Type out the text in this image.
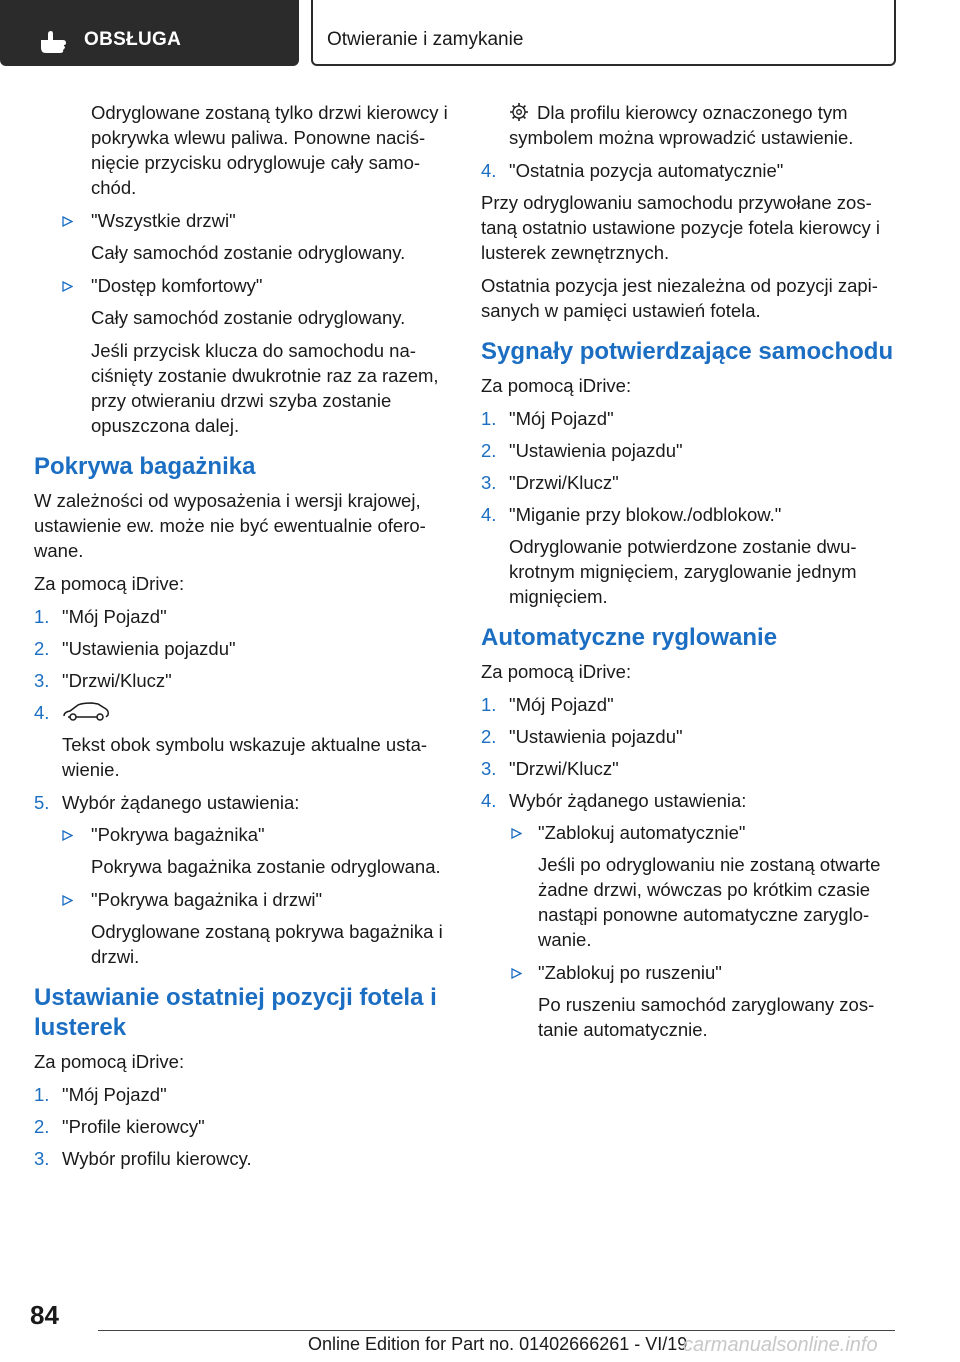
OBSŁUGA	Otwieranie i zamykanie

Odryglowane zostaną tylko drzwi kierowcy i pokrywka wlewu paliwa. Ponowne naciś- nięcie przycisku odryglowuje cały samo- chód.

"Wszystkie drzwi"

Cały samochód zostanie odryglowany.

"Dostęp komfortowy"

Cały samochód zostanie odryglowany.

Jeśli przycisk klucza do samochodu na- ciśnięty zostanie dwukrotnie raz za razem, przy otwieraniu drzwi szyba zostanie opuszczona dalej.

Pokrywa bagażnika

W zależności od wyposażenia i wersji krajowej, ustawienie ew. może nie być ewentualnie ofero- wane.

Za pomocą iDrive:

1. "Mój Pojazd"
2. "Ustawienia pojazdu"
3. "Drzwi/Klucz"
4.

Tekst obok symbolu wskazuje aktualne usta- wienie.

5. Wybór żądanego ustawienia:
"Pokrywa bagażnika"

Pokrywa bagażnika zostanie odryglowana.

"Pokrywa bagażnika i drzwi"

Odryglowane zostaną pokrywa bagażnika i drzwi.

Ustawianie ostatniej pozycji fotela i lusterek

Za pomocą iDrive:

1. "Mój Pojazd"
2. "Profile kierowcy"
3. Wybór profilu kierowcy.

Dla profilu kierowcy oznaczonego tym symbolem można wprowadzić ustawienie.

4. "Ostatnia pozycja automatycznie"

Przy odryglowaniu samochodu przywołane zos- taną ostatnio ustawione pozycje fotela kierowcy i lusterek zewnętrznych.

Ostatnia pozycja jest niezależna od pozycji zapi- sanych w pamięci ustawień fotela.

Sygnały potwierdzające samochodu

Za pomocą iDrive:

1. "Mój Pojazd"
2. "Ustawienia pojazdu"
3. "Drzwi/Klucz"
4. "Miganie przy blokow./odblokow."

Odryglowanie potwierdzone zostanie dwu- krotnym mignięciem, zaryglowanie jednym mignięciem.

Automatyczne ryglowanie

Za pomocą iDrive:

1. "Mój Pojazd"
2. "Ustawienia pojazdu"
3. "Drzwi/Klucz"
4. Wybór żądanego ustawienia:
"Zablokuj automatycznie"

Jeśli po odryglowaniu nie zostaną otwarte żadne drzwi, wówczas po krótkim czasie nastąpi ponowne automatyczne zaryglo- wanie.

"Zablokuj po ruszeniu"

Po ruszeniu samochód zaryglowany zos- tanie automatycznie.

84
Online Edition for Part no. 01402666261 - VI/19
carmanualsonline.info
